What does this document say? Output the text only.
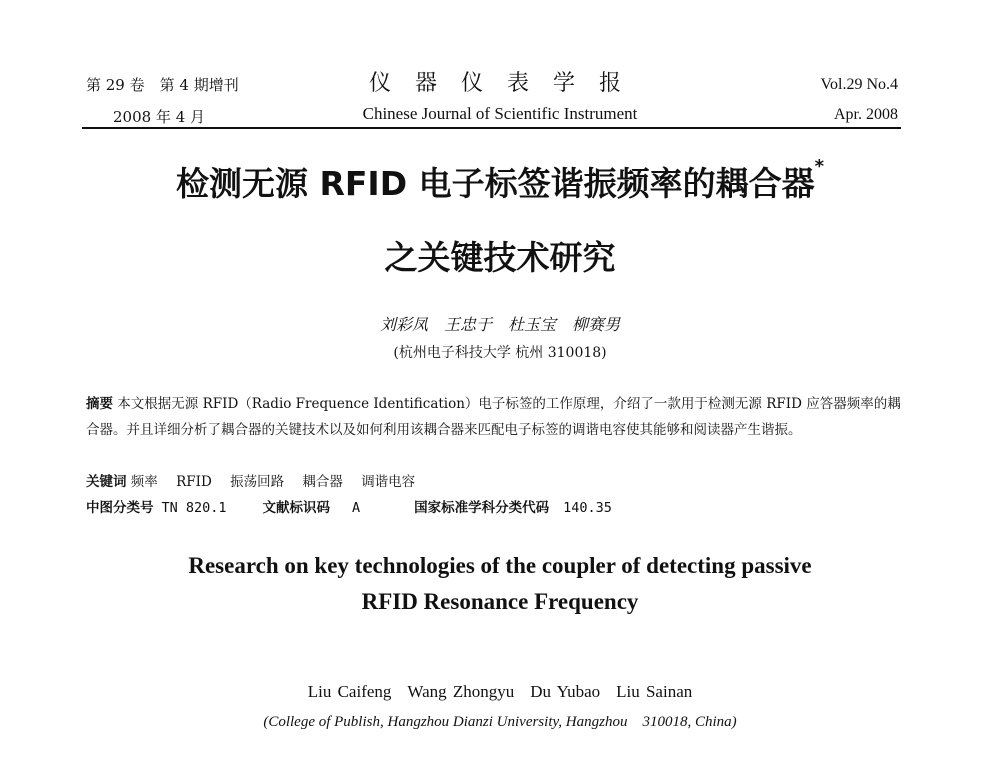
第 29 卷　第 4 期增刊
2008 年 4 月
仪器仪表学报
Chinese Journal of Scientific Instrument
Vol.29 No.4
Apr. 2008
检测无源 RFID 电子标签谐振频率的耦合器*
之关键技术研究
刘彩凤　王忠于　杜玉宝　柳赛男
(杭州电子科技大学 杭州 310018)
摘要 本文根据无源 RFID（Radio Frequence Identification）电子标签的工作原理，介绍了一款用于检测无源 RFID 应答器频率的耦合器。并且详细分析了耦合器的关键技术以及如何利用该耦合器来匹配电子标签的调谐电容使其能够和阅读器产生谐振。
关键词 频率 RFID 振荡回路 耦合器 调谐电容
中图分类号 TN 820.1	文献标识码 A	国家标准学科分类代码 140.35
Research on key technologies of the coupler of detecting passive
RFID Resonance Frequency
Liu Caifeng Wang Zhongyu Du Yubao Liu Sainan
(College of Publish, Hangzhou Dianzi University, Hangzhou　310018, China)
